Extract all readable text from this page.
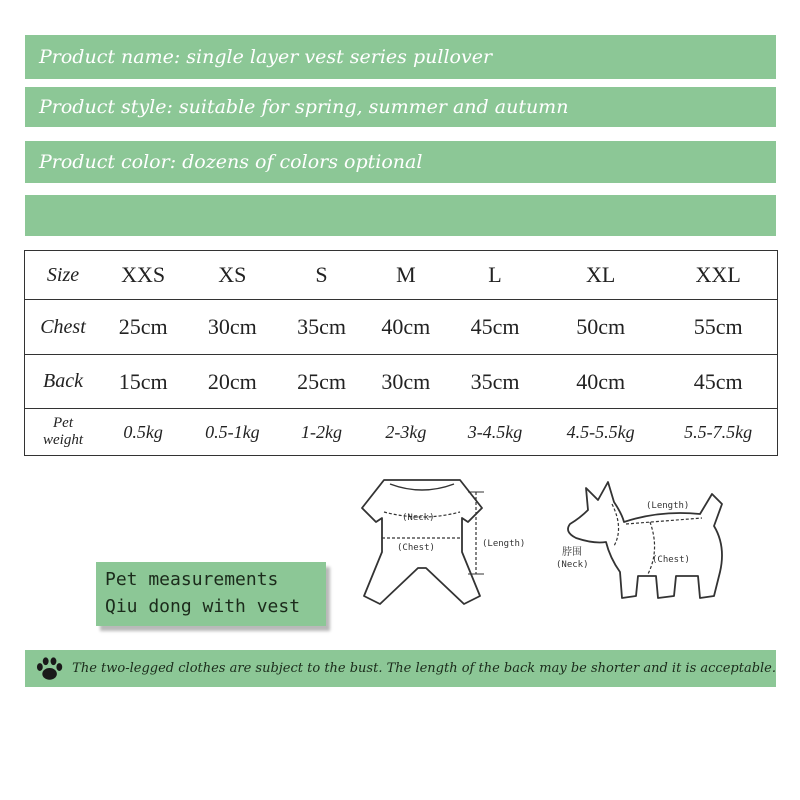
Product name: single layer vest series pullover
Product style: suitable for spring, summer and autumn
Product color: dozens of colors optional
Size	XXS	XS	S	M	L	XL	XXL
Chest	25cm	30cm	35cm	40cm	45cm	50cm	55cm
Back	15cm	20cm	25cm	30cm	35cm	40cm	45cm

Pet
weight	0.5kg	0.5-1kg	1-2kg	2-3kg	3-4.5kg	4.5-5.5kg	5.5-7.5kg
Pet measurements
Qiu dong with vest
(Neck)
(Chest)	(Length)
(Length)
脖围
(Neck)	(Chest)
The two-legged clothes are subject to the bust. The length of the back may be shorter and it is acceptable.
